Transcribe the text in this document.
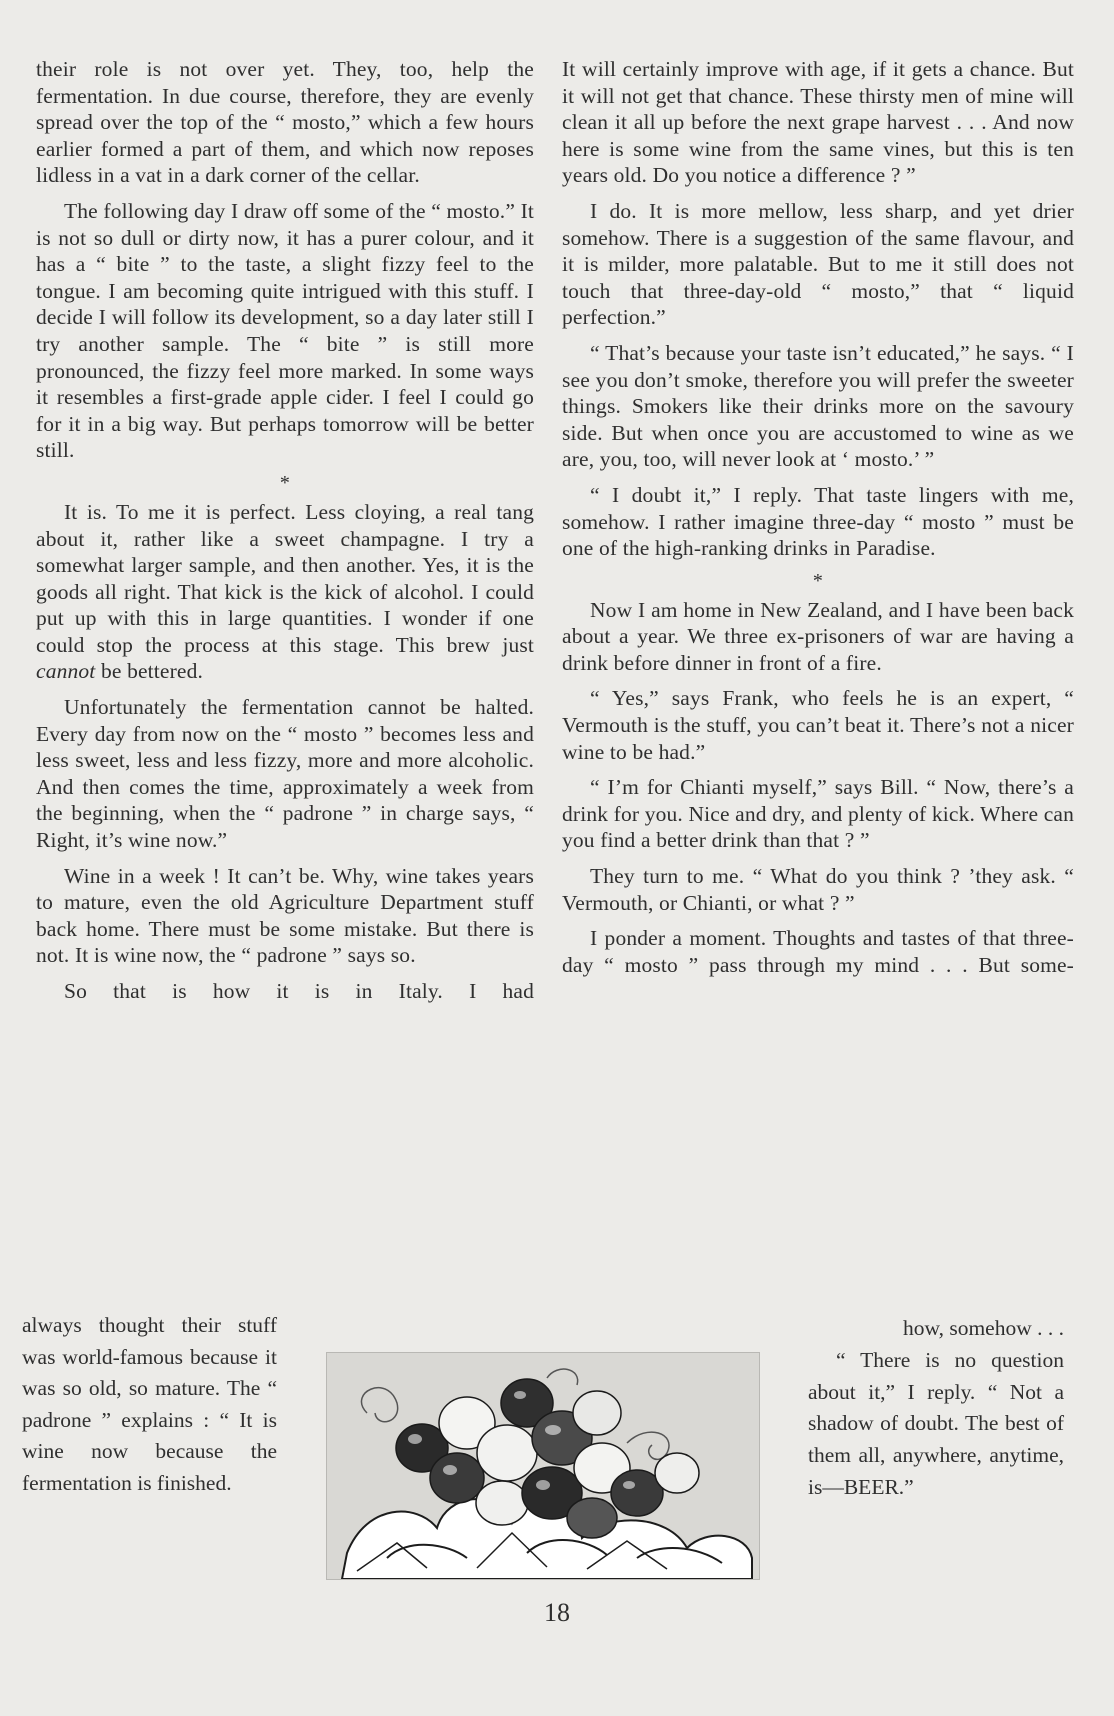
their role is not over yet. They, too, help the fermentation. In due course, therefore, they are evenly spread over the top of the “ mosto,” which a few hours earlier formed a part of them, and which now reposes lidless in a vat in a dark corner of the cellar.

The following day I draw off some of the “ mosto.” It is not so dull or dirty now, it has a purer colour, and it has a “ bite ” to the taste, a slight fizzy feel to the tongue. I am becoming quite intrigued with this stuff. I decide I will follow its development, so a day later still I try another sample. The “ bite ” is still more pronounced, the fizzy feel more marked. In some ways it resembles a first-grade apple cider. I feel I could go for it in a big way. But perhaps tomorrow will be better still.

*

It is. To me it is perfect. Less cloying, a real tang about it, rather like a sweet champagne. I try a somewhat larger sample, and then another. Yes, it is the goods all right. That kick is the kick of alcohol. I could put up with this in large quantities. I wonder if one could stop the process at this stage. This brew just cannot be bettered.

Unfortunately the fermentation cannot be halted. Every day from now on the “ mosto ” becomes less and less sweet, less and less fizzy, more and more alcoholic. And then comes the time, approximately a week from the beginning, when the “ padrone ” in charge says, “ Right, it’s wine now.”

Wine in a week ! It can’t be. Why, wine takes years to mature, even the old Agriculture Department stuff back home. There must be some mistake. But there is not. It is wine now, the “ padrone ” says so.

So that is how it is in Italy. I had

always thought their stuff was world-famous because it was so old, so mature. The “ padrone ” explains : “ It is wine now because the fermentation is finished.

It will certainly improve with age, if it gets a chance. But it will not get that chance. These thirsty men of mine will clean it all up before the next grape harvest . . . And now here is some wine from the same vines, but this is ten years old. Do you notice a difference ? ”

I do. It is more mellow, less sharp, and yet drier somehow. There is a suggestion of the same flavour, and it is milder, more palatable. But to me it still does not touch that three-day-old “ mosto,” that “ liquid perfection.”

“ That’s because your taste isn’t educated,” he says. “ I see you don’t smoke, therefore you will prefer the sweeter things. Smokers like their drinks more on the savoury side. But when once you are accustomed to wine as we are, you, too, will never look at ‘ mosto.’ ”

“ I doubt it,” I reply. That taste lingers with me, somehow. I rather imagine three-day “ mosto ” must be one of the high-ranking drinks in Paradise.

*

Now I am home in New Zealand, and I have been back about a year. We three ex-prisoners of war are having a drink before dinner in front of a fire.

“ Yes,” says Frank, who feels he is an expert, “ Vermouth is the stuff, you can’t beat it. There’s not a nicer wine to be had.”

“ I’m for Chianti myself,” says Bill. “ Now, there’s a drink for you. Nice and dry, and plenty of kick. Where can you find a better drink than that ? ”

They turn to me. “ What do you think ? ’they ask. “ Vermouth, or Chianti, or what ? ”

I ponder a moment. Thoughts and tastes of that three-day “ mosto ” pass through my mind . . . But some-

how, somehow . . .

“ There is no question about it,” I reply. “ Not a shadow of doubt. The best of them all, anywhere, anytime, is—BEER.”

18
